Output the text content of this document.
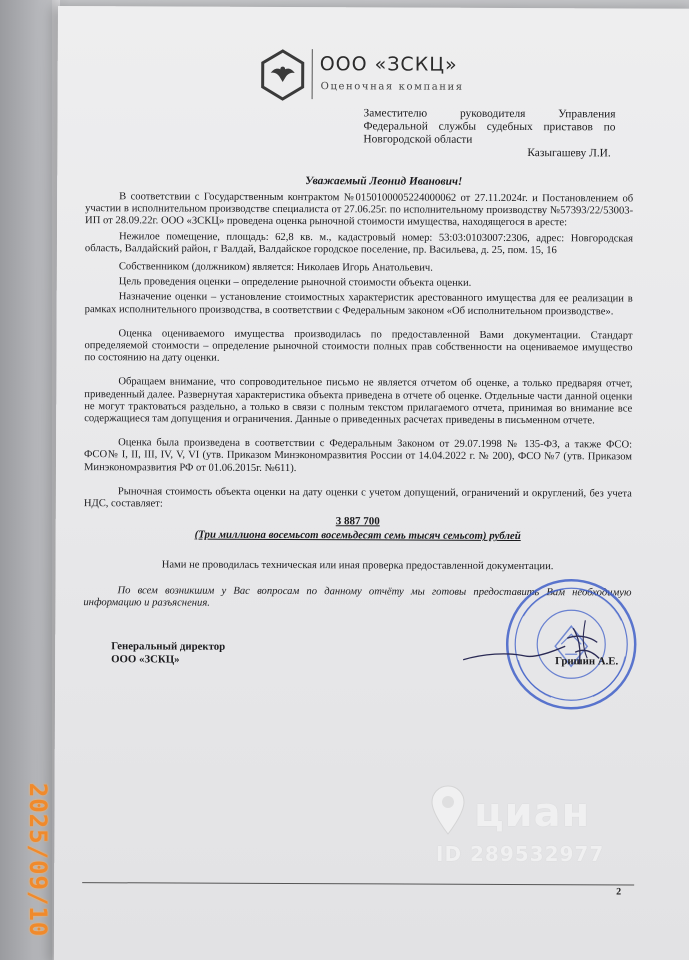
ООО «ЗСКЦ»
Оценочная компания
Заместителю руководителя Управления Федеральной службы судебных приставов по Новгородской области
Казыгашеву Л.И.
Уважаемый Леонид Иванович!

В соответствии с Государственным контрактом №0150100005224000062 от 27.11.2024г. и Постановлением об участии в исполнительном производстве специалиста от 27.06.25г. по исполнительному производству №57393/22/53003-ИП от 28.09.22г. ООО «ЗСКЦ» проведена оценка рыночной стоимости имущества, находящегося в аресте:

Нежилое помещение, площадь: 62,8 кв. м., кадастровый номер: 53:03:0103007:2306, адрес: Новгородская область, Валдайский район, г Валдай, Валдайское городское поселение, пр. Васильева, д. 25, пом. 15, 16

Собственником (должником) является: Николаев Игорь Анатольевич.

Цель проведения оценки – определение рыночной стоимости объекта оценки.

Назначение оценки – установление стоимостных характеристик арестованного имущества для ее реализации в рамках исполнительного производства, в соответствии с Федеральным законом «Об исполнительном производстве».

Оценка оцениваемого имущества производилась по предоставленной Вами документации. Стандарт определяемой стоимости – определение рыночной стоимости полных прав собственности на оцениваемое имущество по состоянию на дату оценки.

Обращаем внимание, что сопроводительное письмо не является отчетом об оценке, а только предваряя отчет, приведенный далее. Развернутая характеристика объекта приведена в отчете об оценке. Отдельные части данной оценки не могут трактоваться раздельно, а только в связи с полным текстом прилагаемого отчета, принимая во внимание все содержащиеся там допущения и ограничения. Данные о приведенных расчетах приведены в письменном отчете.

Оценка была произведена в соответствии с Федеральным Законом от 29.07.1998 № 135-ФЗ, а также ФСО: ФСО№ I, II, III, IV, V, VI (утв. Приказом Минэкономразвития России от 14.04.2022 г. № 200), ФСО №7 (утв. Приказом Минэкономразвития РФ от 01.06.2015г. №611).

Рыночная стоимость объекта оценки на дату оценки с учетом допущений, ограничений и округлений, без учета НДС, составляет:

3 887 700
(Три миллиона восемьсот восемьдесят семь тысяч семьсот) рублей
Нами не проводилась техническая или иная проверка предоставленной документации.

По всем возникшим у Вас вопросам по данному отчёту мы готовы предоставить Вам необходимую информацию и разъяснения.

Генеральный директор
ООО «ЗСКЦ»	Гришин А.Е.
2
циан
ID 289532977
2025/09/10
